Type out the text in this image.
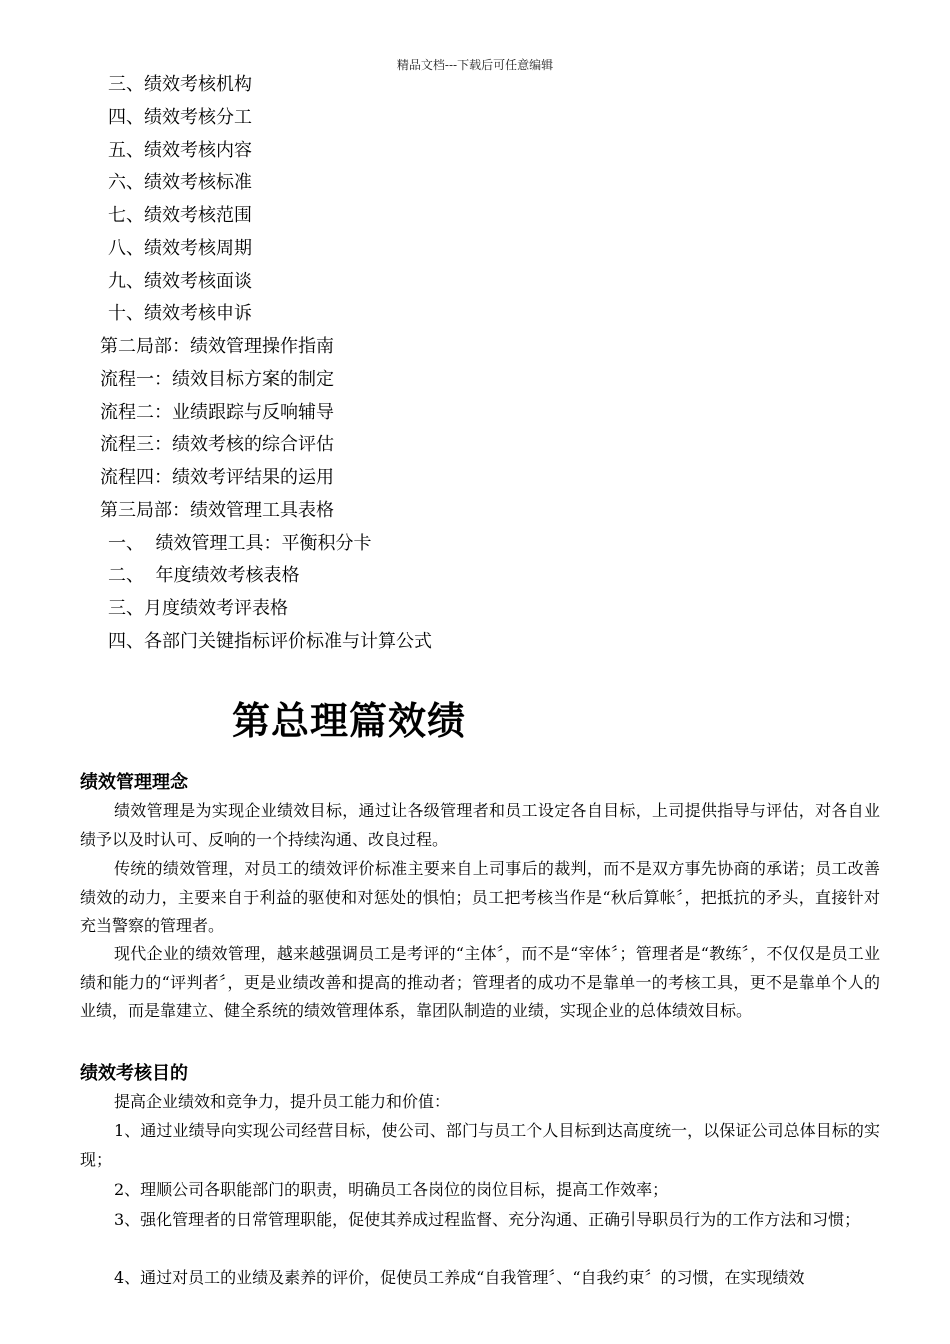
精品文档---下载后可任意编辑
三、绩效考核机构
四、绩效考核分工
五、绩效考核内容
六、绩效考核标准
七、绩效考核范围
八、绩效考核周期
九、绩效考核面谈
十、绩效考核申诉
第二局部：绩效管理操作指南
流程一：绩效目标方案的制定
流程二：业绩跟踪与反响辅导
流程三：绩效考核的综合评估
流程四：绩效考评结果的运用
第三局部：绩效管理工具表格
一、  绩效管理工具：平衡积分卡
二、  年度绩效考核表格
三、月度绩效考评表格
四、各部门关键指标评价标准与计算公式
第总理篇效绩
绩效管理理念

绩效管理是为实现企业绩效目标，通过让各级管理者和员工设定各自目标，上司提供指导与评估，对各自业绩予以及时认可、反响的一个持续沟通、改良过程。

传统的绩效管理，对员工的绩效评价标准主要来自上司事后的裁判，而不是双方事先协商的承诺；员工改善绩效的动力，主要来自于利益的驱使和对惩处的惧怕；员工把考核当作是“秋后算帐〞，把抵抗的矛头，直接针对充当警察的管理者。

现代企业的绩效管理，越来越强调员工是考评的“主体〞，而不是“宰体〞；管理者是“教练〞，不仅仅是员工业绩和能力的“评判者〞，更是业绩改善和提高的推动者；管理者的成功不是靠单一的考核工具，更不是靠单个人的业绩，而是靠建立、健全系统的绩效管理体系，靠团队制造的业绩，实现企业的总体绩效目标。

绩效考核目的

提高企业绩效和竞争力，提升员工能力和价值：

1、通过业绩导向实现公司经营目标，使公司、部门与员工个人目标到达高度统一，以保证公司总体目标的实现；

2、理顺公司各职能部门的职责，明确员工各岗位的岗位目标，提高工作效率；

3、强化管理者的日常管理职能，促使其养成过程监督、充分沟通、正确引导职员行为的工作方法和习惯；

4、通过对员工的业绩及素养的评价，促使员工养成“自我管理〞、“自我约束〞的习惯，在实现绩效
